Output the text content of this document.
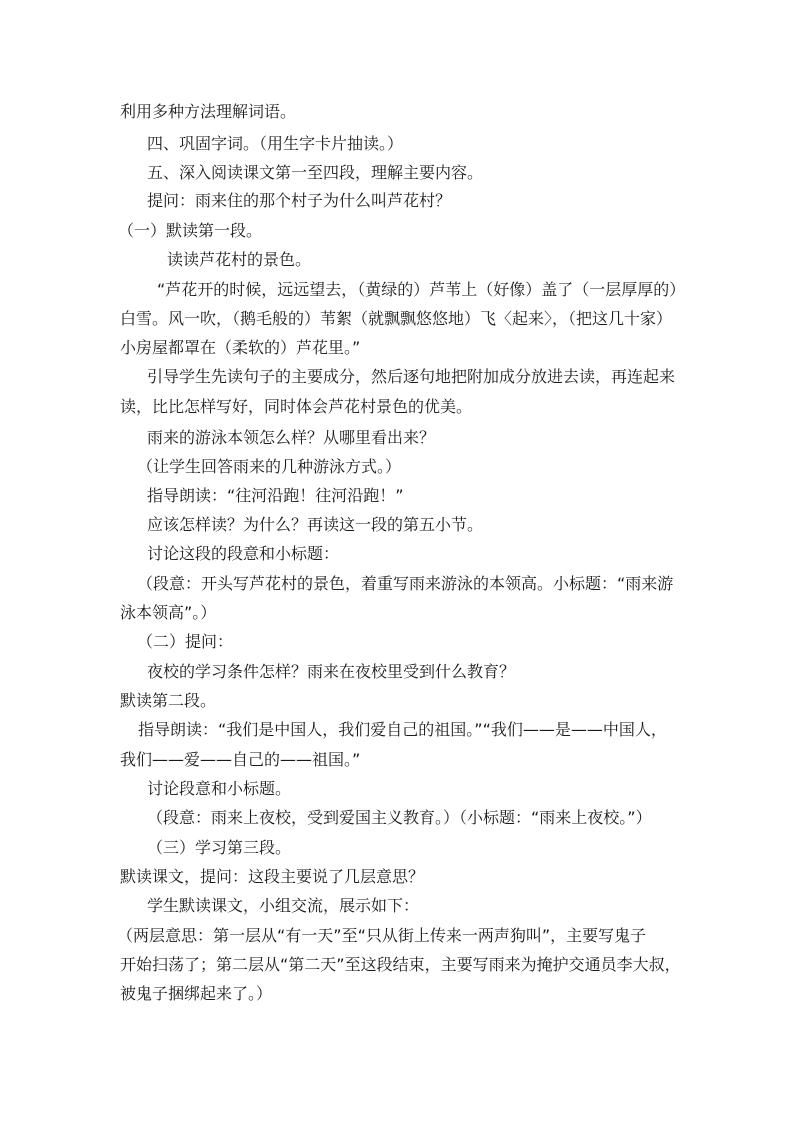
利用多种方法理解词语。
四、巩固字词。（用生字卡片抽读。）
五、深入阅读课文第一至四段，理解主要内容。
提问：雨来住的那个村子为什么叫芦花村？
（一）默读第一段。
读读芦花村的景色。
“芦花开的时候，远远望去，（黄绿的）芦苇上（好像）盖了（一层厚厚的）
白雪。风一吹，（鹅毛般的）苇絮（就飘飘悠悠地）飞〈起来〉，（把这几十家）
小房屋都罩在（柔软的）芦花里。”
引导学生先读句子的主要成分，然后逐句地把附加成分放进去读，再连起来
读，比比怎样写好，同时体会芦花村景色的优美。
雨来的游泳本领怎么样？从哪里看出来？
（让学生回答雨来的几种游泳方式。）
指导朗读：“往河沿跑！往河沿跑！”
应该怎样读？为什么？再读这一段的第五小节。
讨论这段的段意和小标题：
（段意：开头写芦花村的景色，着重写雨来游泳的本领高。小标题：“雨来游
泳本领高”。）
（二）提问：
夜校的学习条件怎样？雨来在夜校里受到什么教育？
默读第二段。
指导朗读：“我们是中国人，我们爱自己的祖国。”“我们——是——中国人，
我们——爱——自己的——祖国。”
讨论段意和小标题。
（段意：雨来上夜校，受到爱国主义教育。）（小标题：“雨来上夜校。”）
（三）学习第三段。
默读课文，提问：这段主要说了几层意思？
学生默读课文，小组交流，展示如下：
（两层意思：第一层从“有一天”至“只从街上传来一两声狗叫”，主要写鬼子
开始扫荡了；第二层从“第二天”至这段结束，主要写雨来为掩护交通员李大叔，
被鬼子捆绑起来了。）
